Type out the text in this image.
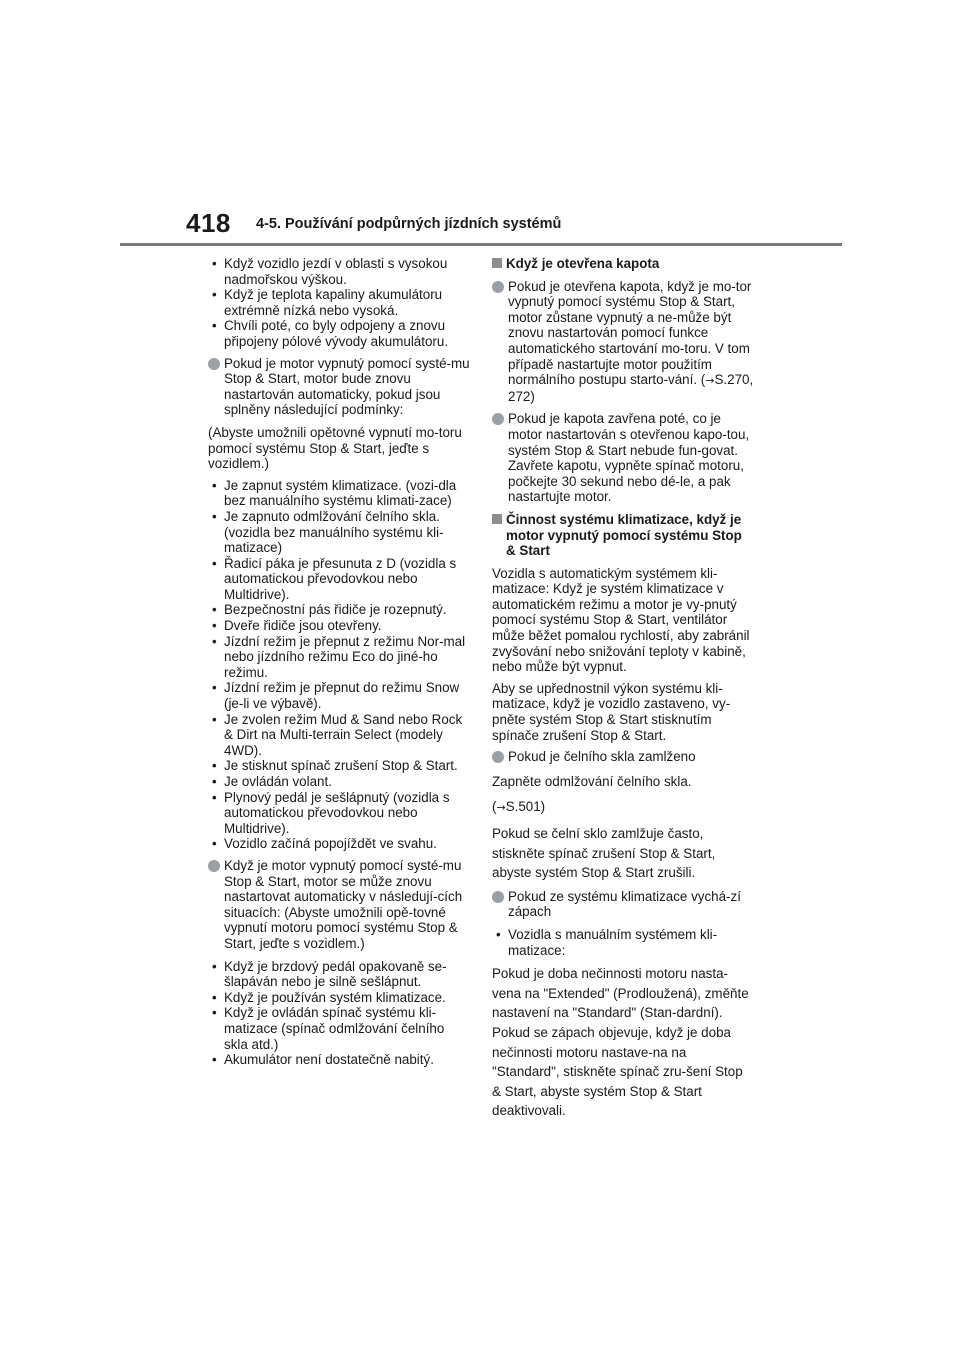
418 4-5. Používání podpůrných jízdních systémů
• Když vozidlo jezdí v oblasti s vysokou nadmořskou výškou.
• Když je teplota kapaliny akumulátoru extrémně nízká nebo vysoká.
• Chvíli poté, co byly odpojeny a znovu připojeny pólové vývody akumulátoru.
Pokud je motor vypnutý pomocí systé-mu Stop & Start, motor bude znovu nastartován automaticky, pokud jsou splněny následující podmínky:
(Abyste umožnili opětovné vypnutí mo-toru pomocí systému Stop & Start, jeďte s vozidlem.)
• Je zapnut systém klimatizace. (vozi-dla bez manuálního systému klimati-zace)
• Je zapnuto odmlžování čelního skla. (vozidla bez manuálního systému kli-matizace)
• Řadicí páka je přesunuta z D (vozidla s automatickou převodovkou nebo Multidrive).
• Bezpečnostní pás řidiče je rozepnutý.
• Dveře řidiče jsou otevřeny.
• Jízdní režim je přepnut z režimu Nor-mal nebo jízdního režimu Eco do jiné-ho režimu.
• Jízdní režim je přepnut do režimu Snow (je-li ve výbavě).
• Je zvolen režim Mud & Sand nebo Rock & Dirt na Multi-terrain Select (modely 4WD).
• Je stisknut spínač zrušení Stop & Start.
• Je ovládán volant.
• Plynový pedál je sešlápnutý (vozidla s automatickou převodovkou nebo Multidrive).
• Vozidlo začíná popojíždět ve svahu.
Když je motor vypnutý pomocí systé-mu Stop & Start, motor se může znovu nastartovat automaticky v následují-cích situacích: (Abyste umožnili opě-tovné vypnutí motoru pomocí systému Stop & Start, jeďte s vozidlem.)
• Když je brzdový pedál opakovaně se-šlapáván nebo je silně sešlápnut.
• Když je používán systém klimatizace.
• Když je ovládán spínač systému kli-matizace (spínač odmlžování čelního skla atd.)
• Akumulátor není dostatečně nabitý.
Když je otevřena kapota
Pokud je otevřena kapota, když je mo-tor vypnutý pomocí systému Stop & Start, motor zůstane vypnutý a ne-může být znovu nastartován pomocí funkce automatického startování mo-toru. V tom případě nastartujte motor použitím normálního postupu starto-vání. (→S.270, 272)
Pokud je kapota zavřena poté, co je motor nastartován s otevřenou kapo-tou, systém Stop & Start nebude fun-govat. Zavřete kapotu, vypněte spínač motoru, počkejte 30 sekund nebo dé-le, a pak nastartujte motor.
Činnost systému klimatizace, když je motor vypnutý pomocí systému Stop & Start
Vozidla s automatickým systémem kli-matizace: Když je systém klimatizace v automatickém režimu a motor je vy-pnutý pomocí systému Stop & Start, ventilátor může běžet pomalou rychlostí, aby zabránil zvyšování nebo snižování teploty v kabině, nebo může být vypnut.
Aby se upřednostnil výkon systému kli-matizace, když je vozidlo zastaveno, vy-pněte systém Stop & Start stisknutím spínače zrušení Stop & Start.
Pokud je čelního skla zamlženo
Zapněte odmlžování čelního skla.
(→S.501)
Pokud se čelní sklo zamlžuje často, stiskněte spínač zrušení Stop & Start, abyste systém Stop & Start zrušili.
Pokud ze systému klimatizace vychá-zí zápach
• Vozidla s manuálním systémem kli-matizace:
Pokud je doba nečinnosti motoru nasta-vena na "Extended" (Prodloužená), změňte nastavení na "Standard" (Stan-dardní). Pokud se zápach objevuje, když je doba nečinnosti motoru nastave-na na "Standard", stiskněte spínač zru-šení Stop & Start, abyste systém Stop & Start deaktivovali.
